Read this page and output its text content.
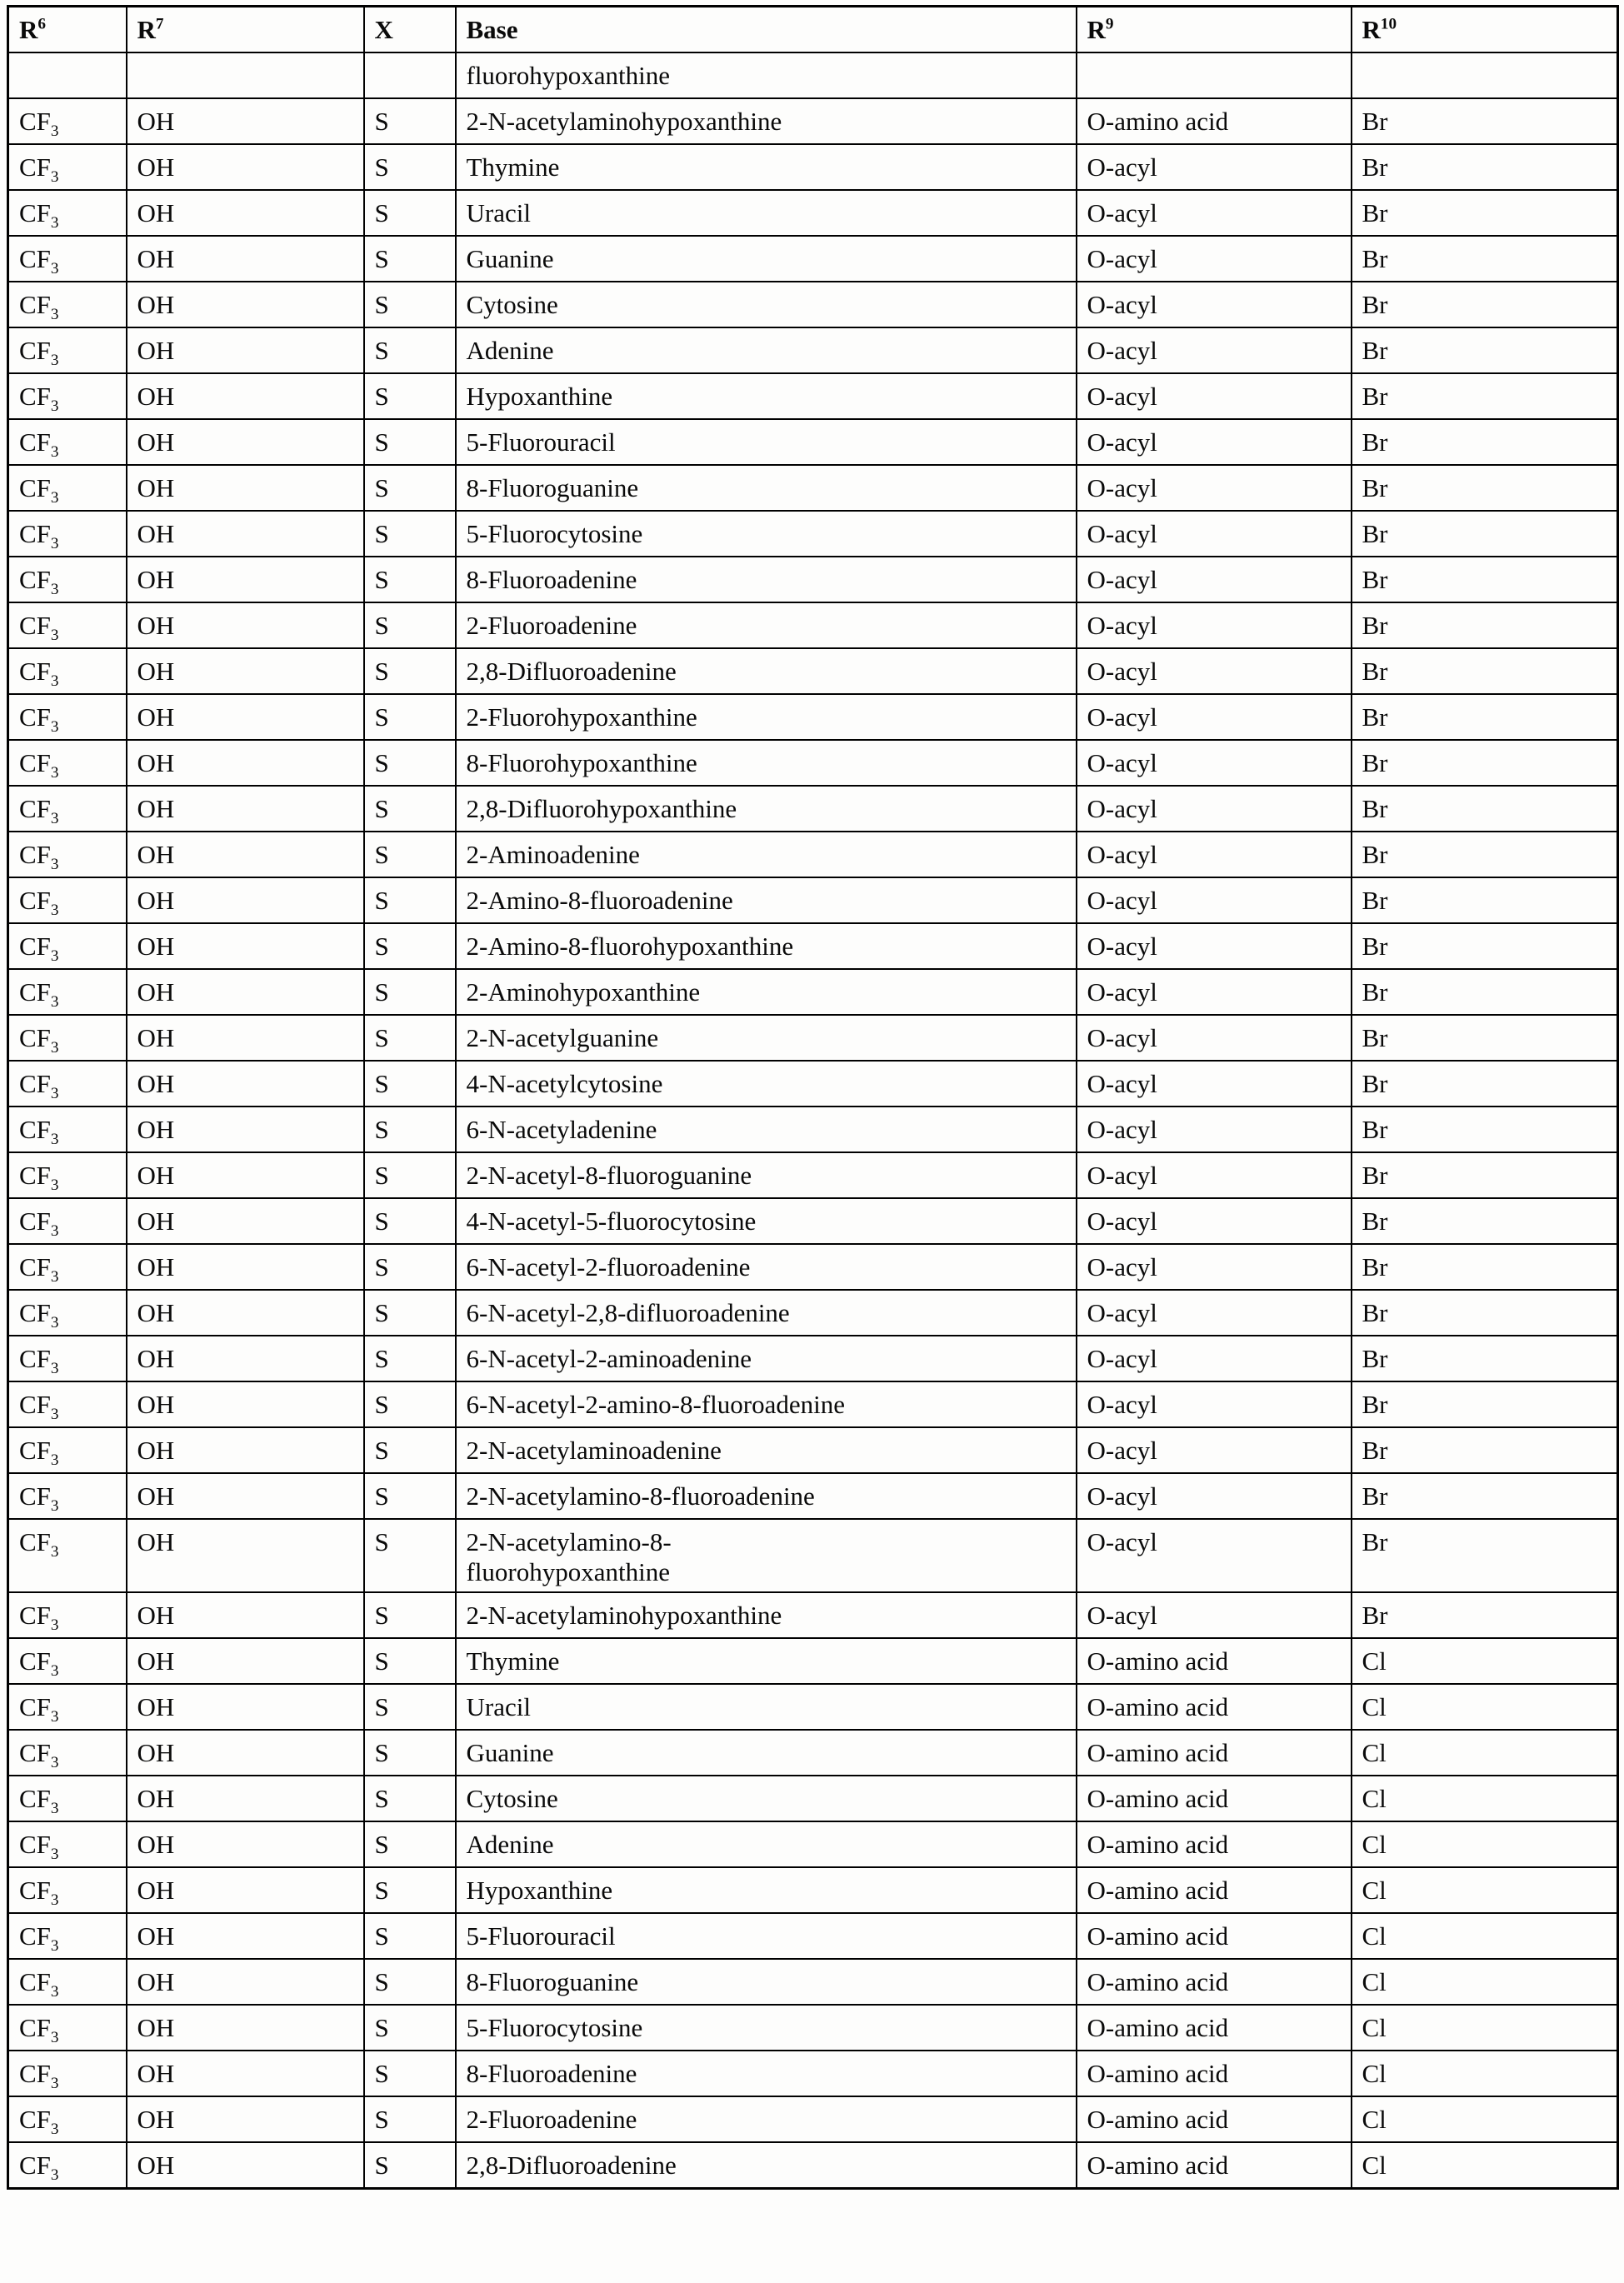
$R^6$	$R^7$	X	Base	$R^9$	$R^{10}$
			fluorohypoxanthine		
$CF_3$	OH	S	2-N-acetylaminohypoxanthine	O-amino acid	Br
$CF_3$	OH	S	Thymine	O-acyl	Br
$CF_3$	OH	S	Uracil	O-acyl	Br
$CF_3$	OH	S	Guanine	O-acyl	Br
$CF_3$	OH	S	Cytosine	O-acyl	Br
$CF_3$	OH	S	Adenine	O-acyl	Br
$CF_3$	OH	S	Hypoxanthine	O-acyl	Br
$CF_3$	OH	S	5-Fluorouracil	O-acyl	Br
$CF_3$	OH	S	8-Fluoroguanine	O-acyl	Br
$CF_3$	OH	S	5-Fluorocytosine	O-acyl	Br
$CF_3$	OH	S	8-Fluoroadenine	O-acyl	Br
$CF_3$	OH	S	2-Fluoroadenine	O-acyl	Br
$CF_3$	OH	S	2,8-Difluoroadenine	O-acyl	Br
$CF_3$	OH	S	2-Fluorohypoxanthine	O-acyl	Br
$CF_3$	OH	S	8-Fluorohypoxanthine	O-acyl	Br
$CF_3$	OH	S	2,8-Difluorohypoxanthine	O-acyl	Br
$CF_3$	OH	S	2-Aminoadenine	O-acyl	Br
$CF_3$	OH	S	2-Amino-8-fluoroadenine	O-acyl	Br
$CF_3$	OH	S	2-Amino-8-fluorohypoxanthine	O-acyl	Br
$CF_3$	OH	S	2-Aminohypoxanthine	O-acyl	Br
$CF_3$	OH	S	2-N-acetylguanine	O-acyl	Br
$CF_3$	OH	S	4-N-acetylcytosine	O-acyl	Br
$CF_3$	OH	S	6-N-acetyladenine	O-acyl	Br
$CF_3$	OH	S	2-N-acetyl-8-fluoroguanine	O-acyl	Br
$CF_3$	OH	S	4-N-acetyl-5-fluorocytosine	O-acyl	Br
$CF_3$	OH	S	6-N-acetyl-2-fluoroadenine	O-acyl	Br
$CF_3$	OH	S	6-N-acetyl-2,8-difluoroadenine	O-acyl	Br
$CF_3$	OH	S	6-N-acetyl-2-aminoadenine	O-acyl	Br
$CF_3$	OH	S	6-N-acetyl-2-amino-8-fluoroadenine	O-acyl	Br
$CF_3$	OH	S	2-N-acetylaminoadenine	O-acyl	Br
$CF_3$	OH	S	2-N-acetylamino-8-fluoroadenine	O-acyl	Br
$CF_3$	OH	S	2-N-acetylamino-8-
fluorohypoxanthine	O-acyl	Br
$CF_3$	OH	S	2-N-acetylaminohypoxanthine	O-acyl	Br
$CF_3$	OH	S	Thymine	O-amino acid	Cl
$CF_3$	OH	S	Uracil	O-amino acid	Cl
$CF_3$	OH	S	Guanine	O-amino acid	Cl
$CF_3$	OH	S	Cytosine	O-amino acid	Cl
$CF_3$	OH	S	Adenine	O-amino acid	Cl
$CF_3$	OH	S	Hypoxanthine	O-amino acid	Cl
$CF_3$	OH	S	5-Fluorouracil	O-amino acid	Cl
$CF_3$	OH	S	8-Fluoroguanine	O-amino acid	Cl
$CF_3$	OH	S	5-Fluorocytosine	O-amino acid	Cl
$CF_3$	OH	S	8-Fluoroadenine	O-amino acid	Cl
$CF_3$	OH	S	2-Fluoroadenine	O-amino acid	Cl
$CF_3$	OH	S	2,8-Difluoroadenine	O-amino acid	Cl
